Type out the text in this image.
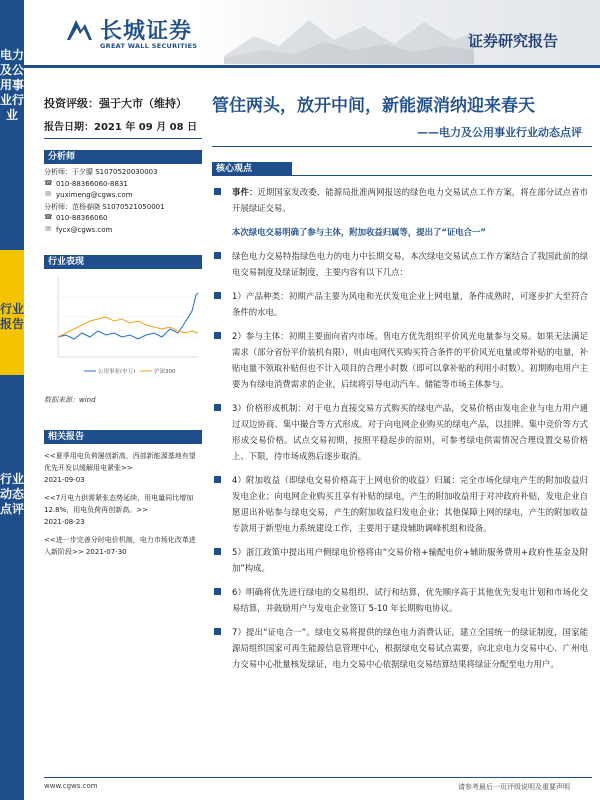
电力及公用事业行业
行业报告
行业动态点评
长城证券
GREAT WALL SECURITIES	证券研究报告
投资评级：强于大市（维持）
报告日期：2021 年 09 月 08 日
管住两头，放开中间，新能源消纳迎来春天
——电力及公用事业行业动态点评
分析师
分析师：于夕朦 S1070520030003
☎ 010-88366060-8831
✉ yuximeng@cgws.com
分析师：范杨春晓 S1070521050001
☎ 010-88366060
✉ fycx@cgws.com
行业表现
公用事业(申万)	沪深300
数据来源：wind
相关报告
<<夏季用电负荷屡创新高，西部新能源基地有望优先开发以缓解用电紧张>>
2021-09-03
<<7月电力供需紧张态势延续，用电量同比增加 12.8%，用电负荷再创新高。>>
2021-08-23
<<进一步完善分时电价机制，电力市场化改革进入新阶段>> 2021-07-30
核心观点
事件：近期国家发改委、能源局批准两网报送的绿色电力交易试点工作方案，将在部分试点省市开展绿证交易。
本次绿电交易明确了参与主体，附加收益归属等，提出了“证电合一”
绿色电力交易特指绿色电力的电力中长期交易，本次绿电交易试点工作方案结合了我国此前的绿电交易制度及绿证制度，主要内容有以下几点：
1）产品种类：初期产品主要为风电和光伏发电企业上网电量，条件成熟时，可逐步扩大至符合条件的水电。
2）参与主体：初期主要面向省内市场。售电方优先组织平价风光电量参与交易。如果无法满足需求（部分省份平价装机有限），则由电网代买购买符合条件的平价风光电量或带补贴的电量，补贴电量不领取补贴但也不计入项目的合理小时数（即可以拿补贴的利用小时数）。初期购电用户主要为有绿电消费需求的企业，后续将引导电动汽车、储能等市场主体参与。
3）价格形成机制：对于电力直接交易方式购买的绿电产品，交易价格由发电企业与电力用户通过双边协商、集中撮合等方式形成。对于向电网企业购买的绿电产品，以挂牌、集中竞价等方式形成交易价格。试点交易初期，按照平稳起步的原则，可参考绿电供需情况合理设置交易价格上、下限，待市场成熟后逐步取消。
4）附加收益（即绿电交易价格高于上网电价的收益）归属：完全市场化绿电产生的附加收益归发电企业；向电网企业购买且享有补贴的绿电，产生的附加收益用于对冲政府补贴，发电企业自愿退出补贴参与绿电交易，产生的附加收益归发电企业；其他保障上网的绿电，产生的附加收益专款用于新型电力系统建设工作，主要用于建设辅助调峰机组和设备。
5）浙江政策中提出用户侧绿电价格将由“交易价格+输配电价+辅助服务费用+政府性基金及附加”构成。
6）明确将优先进行绿电的交易组织、试行和结算，优先顺序高于其他优先发电计划和市场化交易结算，并鼓励用户与发电企业签订 5-10 年长期购电协议。
7）提出“证电合一”。绿电交易将提供的绿色电力消费认证，建立全国统一的绿证制度，国家能源局组织国家可再生能源信息管理中心，根据绿电交易试点需要，向北京电力交易中心、广州电力交易中心批量核发绿证，电力交易中心依据绿电交易结算结果将绿证分配至电力用户。
www.cgws.com	请参考最后一页评级说明及重要声明
